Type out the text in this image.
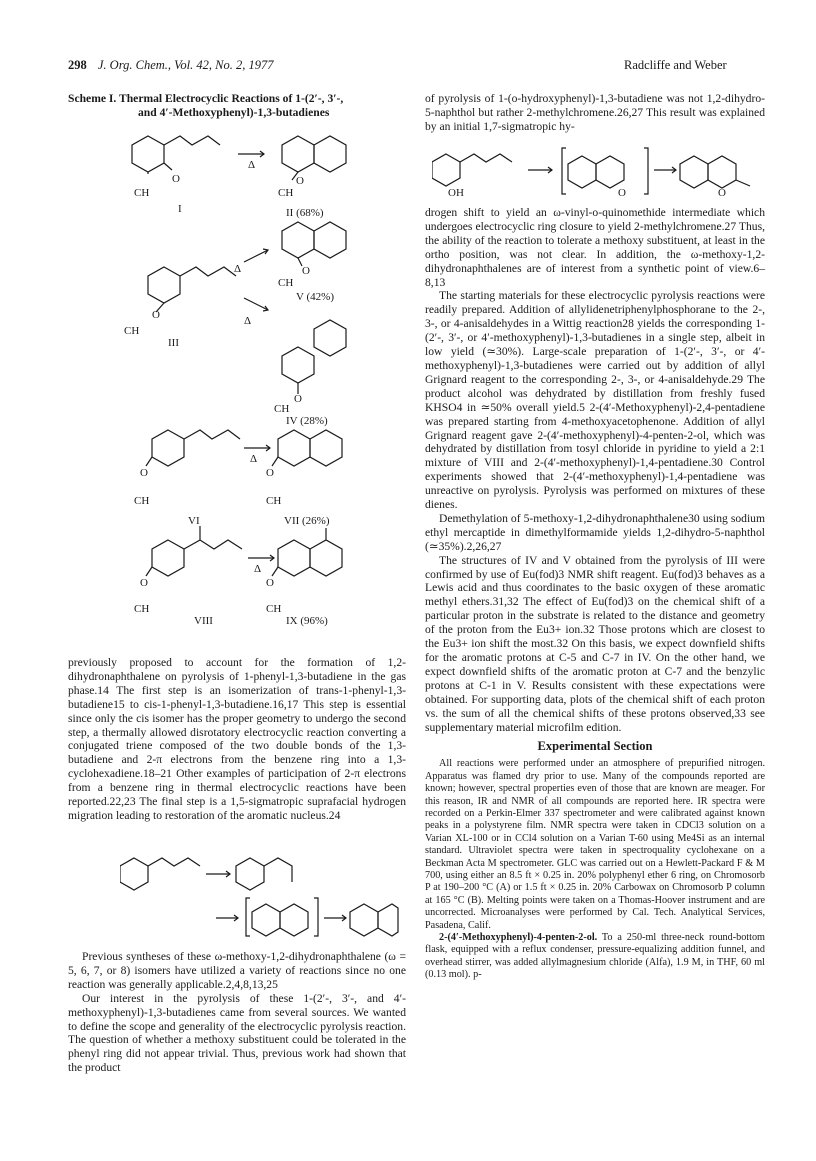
298 J. Org. Chem., Vol. 42, No. 2, 1977	Radcliffe and Weber
Scheme I. Thermal Electrocyclic Reactions of 1-(2′-, 3′-,
and 4′-Methoxyphenyl)-1,3-butadienes
O
CH	CH
O
O
CH
O
CH
O
CH
O
CH
O
CH
O
CH
O
CH
Δ
Δ
Δ
Δ
Δ
I	II (68%)
V (42%)
III
IV (28%)
VI	VII (26%)
VIII	IX (96%)

previously proposed to account for the formation of 1,2-dihydronaphthalene on pyrolysis of 1-phenyl-1,3-butadiene in the gas phase.14 The first step is an isomerization of trans-1-phenyl-1,3-butadiene15 to cis-1-phenyl-1,3-butadiene.16,17 This step is essential since only the cis isomer has the proper geometry to undergo the second step, a thermally allowed disrotatory electrocyclic reaction converting a conjugated triene composed of the two double bonds of the 1,3-butadiene and 2-π electrons from the benzene ring into a 1,3-cyclohexadiene.18–21 Other examples of participation of 2-π electrons from a benzene ring in thermal electrocyclic reactions have been reported.22,23 The final step is a 1,5-sigmatropic suprafacial hydrogen migration leading to restoration of the aromatic nucleus.24

Previous syntheses of these ω-methoxy-1,2-dihydronaphthalene (ω = 5, 6, 7, or 8) isomers have utilized a variety of reactions since no one reaction was generally applicable.2,4,8,13,25

Our interest in the pyrolysis of these 1-(2′-, 3′-, and 4′-methoxyphenyl)-1,3-butadienes came from several sources. We wanted to define the scope and generality of the electrocyclic pyrolysis reaction. The question of whether a methoxy substituent could be tolerated in the phenyl ring did not appear trivial. Thus, previous work had shown that the product

of pyrolysis of 1-(o-hydroxyphenyl)-1,3-butadiene was not 1,2-dihydro-5-naphthol but rather 2-methylchromene.26,27 This result was explained by an initial 1,7-sigmatropic hy-

OH	O	O

drogen shift to yield an ω-vinyl-o-quinomethide intermediate which undergoes electrocyclic ring closure to yield 2-methylchromene.27 Thus, the ability of the reaction to tolerate a methoxy substituent, at least in the ortho position, was not clear. In addition, the ω-methoxy-1,2-dihydronaphthalenes are of interest from a synthetic point of view.6–8,13

The starting materials for these electrocyclic pyrolysis reactions were readily prepared. Addition of allylidenetriphenylphosphorane to the 2-, 3-, or 4-anisaldehydes in a Wittig reaction28 yields the corresponding 1-(2′-, 3′-, or 4′-methoxyphenyl)-1,3-butadienes in a single step, albeit in low yield (≃30%). Large-scale preparation of 1-(2′-, 3′-, or 4′-methoxyphenyl)-1,3-butadienes were carried out by addition of allyl Grignard reagent to the corresponding 2-, 3-, or 4-anisaldehyde.29 The product alcohol was dehydrated by distillation from freshly fused KHSO4 in ≃50% overall yield.5 2-(4′-Methoxyphenyl)-2,4-pentadiene was prepared starting from 4-methoxyacetophenone. Addition of allyl Grignard reagent gave 2-(4′-methoxyphenyl)-4-penten-2-ol, which was dehydrated by distillation from tosyl chloride in pyridine to yield a 2:1 mixture of VIII and 2-(4′-methoxyphenyl)-1,4-pentadiene.30 Control experiments showed that 2-(4′-methoxyphenyl)-1,4-pentadiene was unreactive on pyrolysis. Pyrolysis was performed on mixtures of these dienes.

Demethylation of 5-methoxy-1,2-dihydronaphthalene30 using sodium ethyl mercaptide in dimethylformamide yields 1,2-dihydro-5-naphthol (≃35%).2,26,27

The structures of IV and V obtained from the pyrolysis of III were confirmed by use of Eu(fod)3 NMR shift reagent. Eu(fod)3 behaves as a Lewis acid and thus coordinates to the basic oxygen of these aromatic methyl ethers.31,32 The effect of Eu(fod)3 on the chemical shift of a particular proton in the substrate is related to the distance and geometry of the proton from the Eu3+ ion.32 Those protons which are closest to the Eu3+ ion shift the most.32 On this basis, we expect downfield shifts for the aromatic protons at C-5 and C-7 in IV. On the other hand, we expect downfield shifts of the aromatic proton at C-7 and the benzylic protons at C-1 in V. Results consistent with these expectations were obtained. For supporting data, plots of the chemical shift of each proton vs. the sum of all the chemical shifts of these protons observed,33 see supplementary material microfilm edition.

Experimental Section

All reactions were performed under an atmosphere of prepurified nitrogen. Apparatus was flamed dry prior to use. Many of the compounds reported are known; however, spectral properties even of those that are known are meager. For this reason, IR and NMR of all compounds are reported here. IR spectra were recorded on a Perkin-Elmer 337 spectrometer and were calibrated against known peaks in a polystyrene film. NMR spectra were taken in CDCl3 solution on a Varian XL-100 or in CCl4 solution on a Varian T-60 using Me4Si as an internal standard. Ultraviolet spectra were taken in spectroquality cyclohexane on a Beckman Acta M spectrometer. GLC was carried out on a Hewlett-Packard F & M 700, using either an 8.5 ft × 0.25 in. 20% polyphenyl ether 6 ring, on Chromosorb P at 190–200 °C (A) or 1.5 ft × 0.25 in. 20% Carbowax on Chromosorb P column at 165 °C (B). Melting points were taken on a Thomas-Hoover instrument and are uncorrected. Microanalyses were performed by Cal. Tech. Analytical Services, Pasadena, Calif.

2-(4′-Methoxyphenyl)-4-penten-2-ol. To a 250-ml three-neck round-bottom flask, equipped with a reflux condenser, pressure-equalizing addition funnel, and overhead stirrer, was added allylmagnesium chloride (Alfa), 1.9 M, in THF, 60 ml (0.13 mol). p-
